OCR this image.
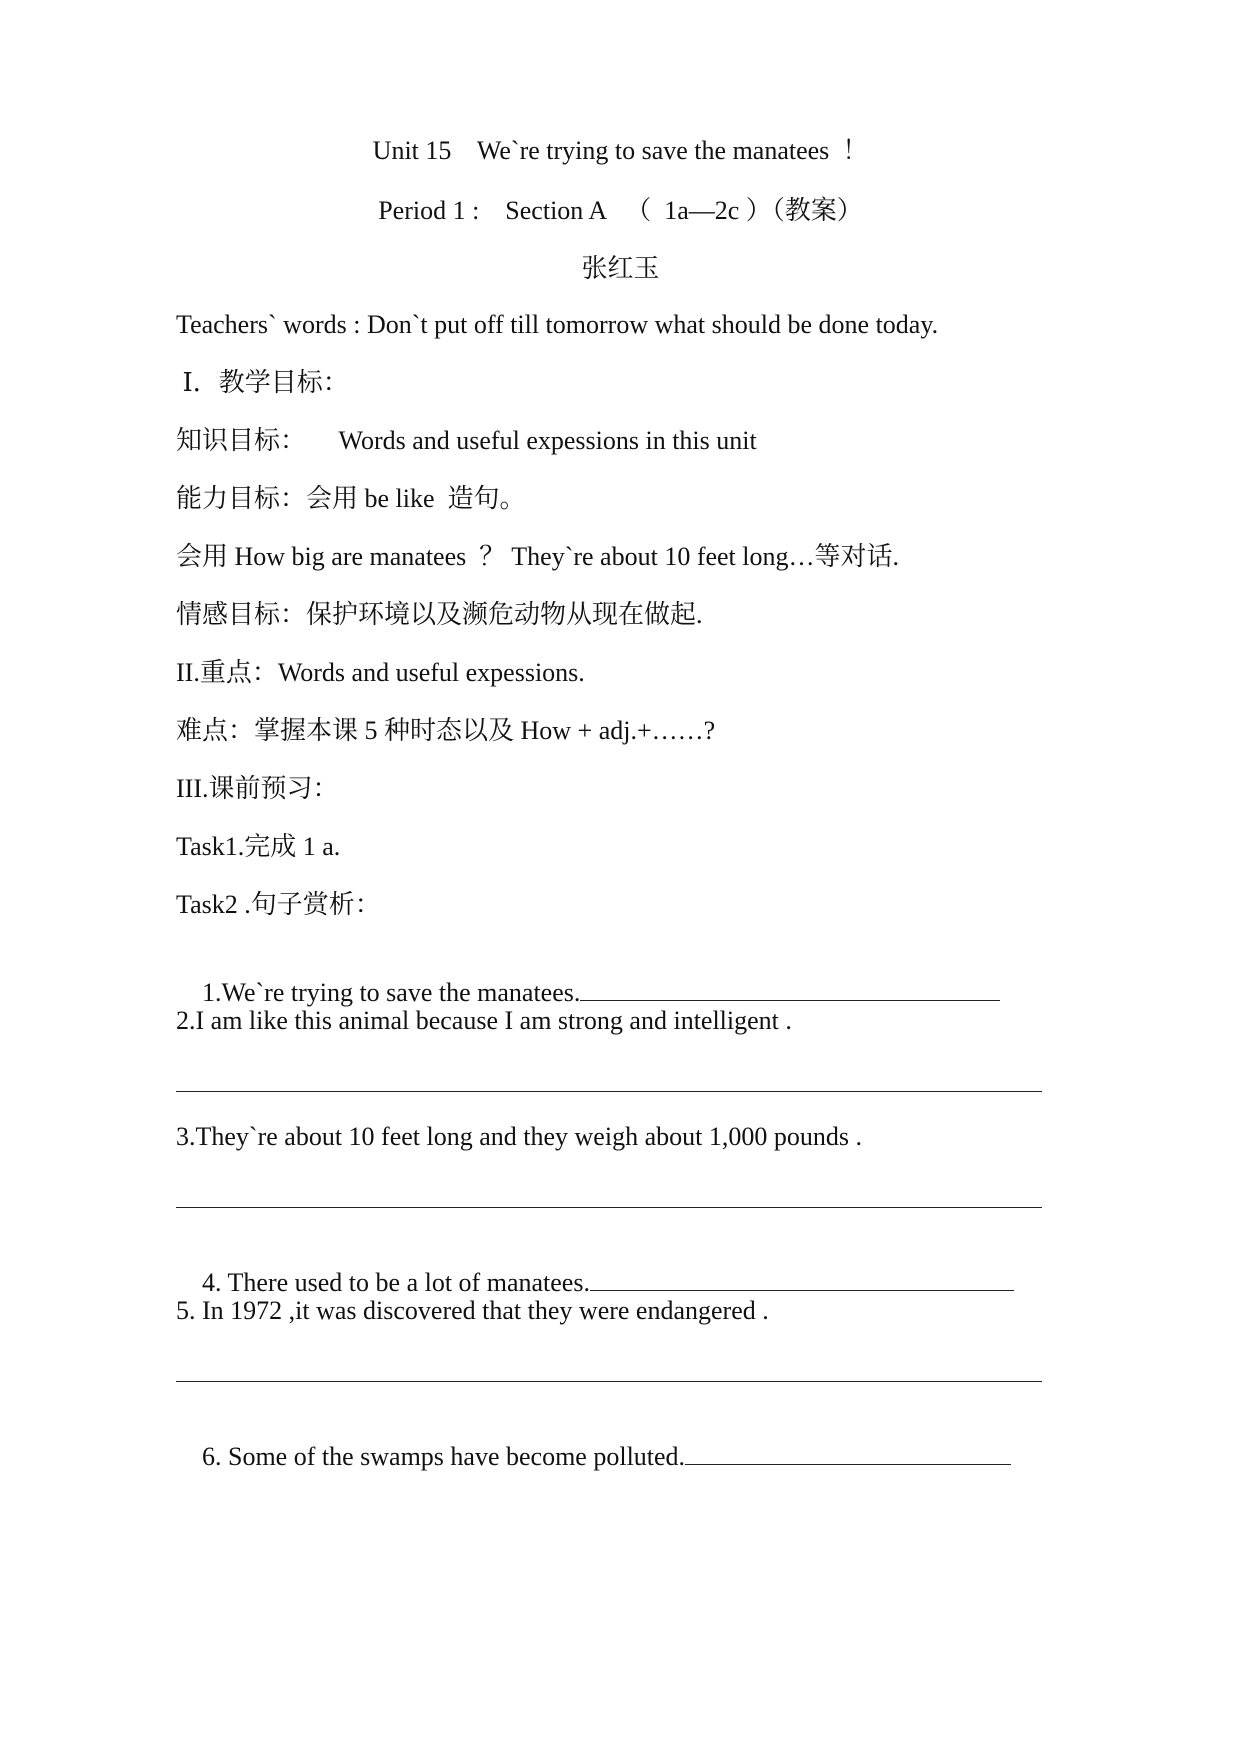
Unit 15    We`re trying to save the manatees  ！
Period 1 :    Section A   （  1a—2c ）（教案）
张红玉
Teachers` words : Don`t put off till tomorrow what should be done today.
Ⅰ．教学目标：
知识目标：     Words and useful expessions in this unit
能力目标：会用 be like  造句。
会用 How big are manatees  ？ They`re about 10 feet long…等对话.
情感目标：保护环境以及濒危动物从现在做起.
II.重点：Words and useful expessions.
难点：掌握本课 5 种时态以及 How + adj.+……?
III.课前预习：
Task1.完成 1 a.
Task2 .句子赏析：

1.We`re trying to save the manatees.

2.I am like this animal because I am strong and intelligent .
3.They`re about 10 feet long and they weigh about 1,000 pounds .

4. There used to be a lot of manatees.

5. In 1972 ,it was discovered that they were endangered .

6. Some of the swamps have become polluted.
